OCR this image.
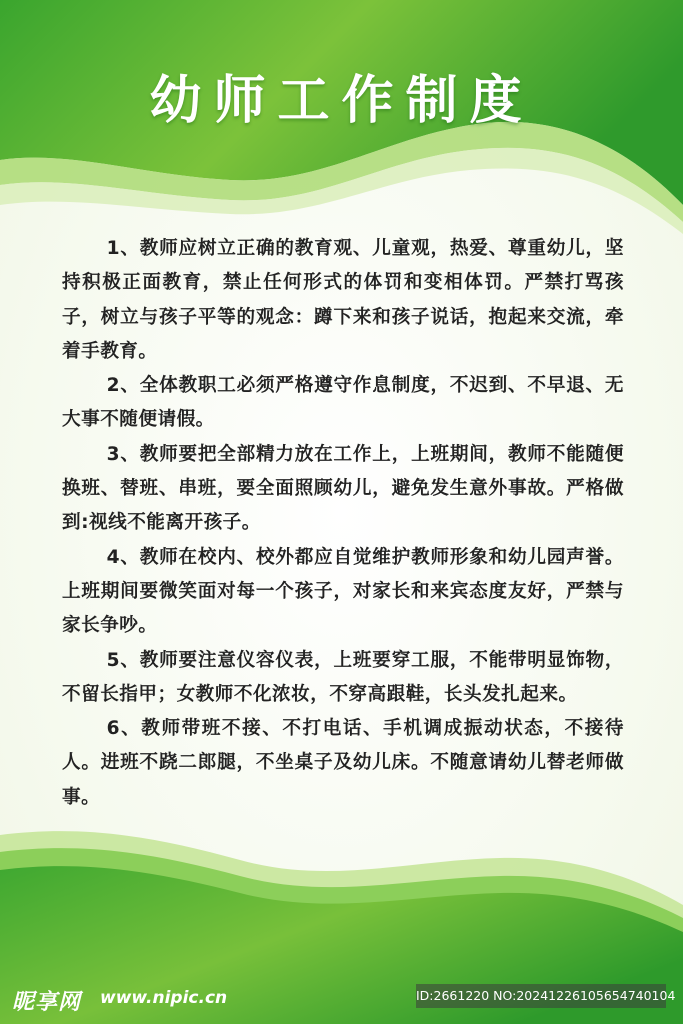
幼师工作制度

1、教师应树立正确的教育观、儿童观，热爱、尊重幼儿，坚持积极正面教育，禁止任何形式的体罚和变相体罚。严禁打骂孩子，树立与孩子平等的观念：蹲下来和孩子说话，抱起来交流，牵着手教育。

2、全体教职工必须严格遵守作息制度，不迟到、不早退、无大事不随便请假。

3、教师要把全部精力放在工作上，上班期间，教师不能随便换班、替班、串班，要全面照顾幼儿，避免发生意外事故。严格做到:视线不能离开孩子。

4、教师在校内、校外都应自觉维护教师形象和幼儿园声誉。上班期间要微笑面对每一个孩子，对家长和来宾态度友好，严禁与家长争吵。

5、教师要注意仪容仪表，上班要穿工服，不能带明显饰物，不留长指甲；女教师不化浓妆，不穿高跟鞋，长头发扎起来。

6、教师带班不接、不打电话、手机调成振动状态，不接待人。进班不跷二郎腿，不坐桌子及幼儿床。不随意请幼儿替老师做事。

昵享网 www.nipic.cn	ID:2661220 NO:20241226105654740104
